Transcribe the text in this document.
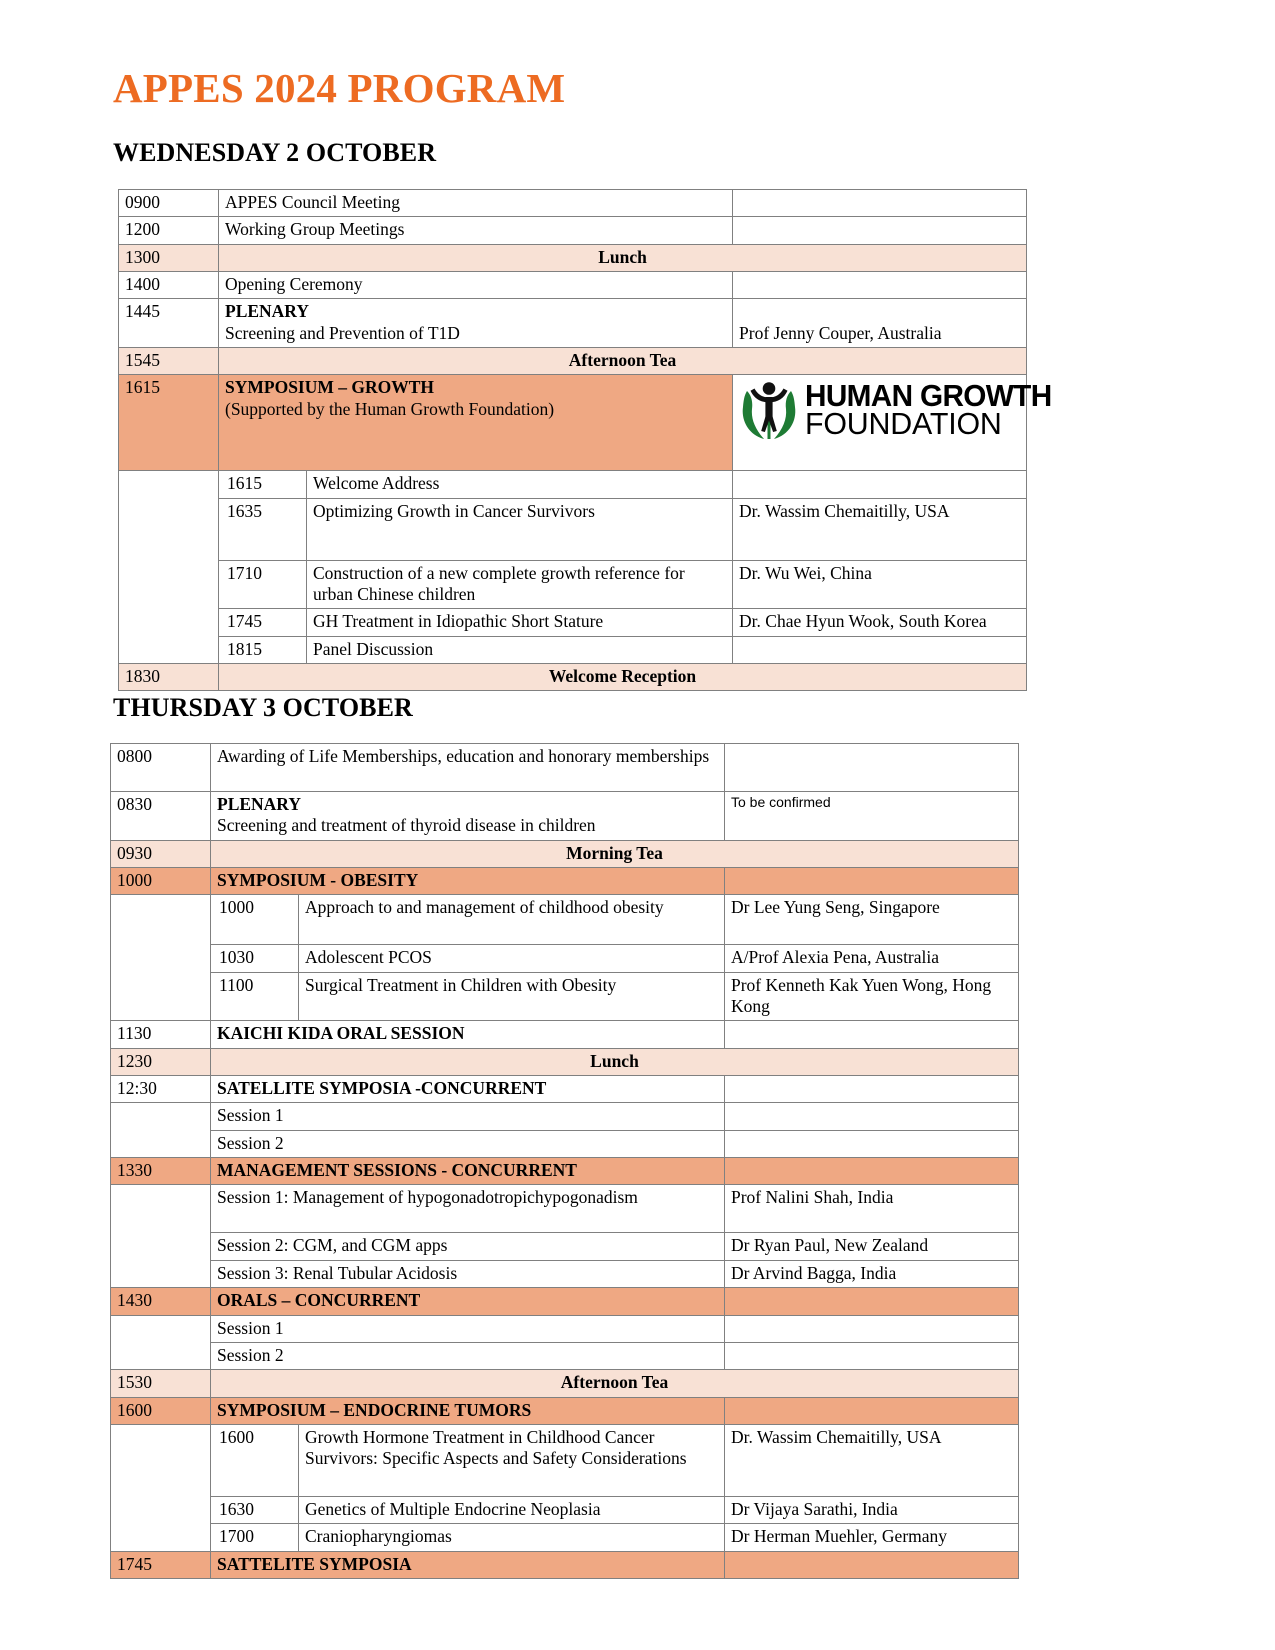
APPES 2024 PROGRAM
WEDNESDAY 2 OCTOBER
0900	APPES Council Meeting		
1200	Working Group Meetings		
1300	Lunch		
1400	Opening Ceremony		
1445	PLENARY
Screening and Prevention of T1D		Prof Jenny Couper, Australia
1545	Afternoon Tea		
1615	SYMPOSIUM – GROWTH
(Supported by the Human Growth Foundation)	HUMAN GROWTH
FOUNDATION

	1615	Welcome Address	
	1635	Optimizing Growth in Cancer Survivors	Dr. Wassim Chemaitilly, USA
	1710	Construction of a new complete growth reference for urban Chinese children	Dr. Wu Wei, China
	1745	GH Treatment in Idiopathic Short Stature	Dr. Chae Hyun Wook, South Korea
	1815	Panel Discussion	
1830	Welcome Reception		
THURSDAY 3 OCTOBER
0800	Awarding of Life Memberships, education and honorary memberships		
0830	PLENARY
Screening and treatment of thyroid disease in children		To be confirmed
0930	Morning Tea		
1000	SYMPOSIUM - OBESITY		
	1000	Approach to and management of childhood obesity	Dr Lee Yung Seng, Singapore
	1030	Adolescent PCOS	A/Prof Alexia Pena, Australia
	1100	Surgical Treatment in Children with Obesity	Prof Kenneth Kak Yuen Wong, Hong Kong
1130	KAICHI KIDA ORAL SESSION		
1230	Lunch		
12:30	SATELLITE SYMPOSIA -CONCURRENT		
	Session 1		
	Session 2		
1330	MANAGEMENT SESSIONS - CONCURRENT		
	Session 1: Management of hypogonadotropichypogonadism		Prof Nalini Shah, India
	Session 2: CGM, and CGM apps		Dr Ryan Paul, New Zealand
	Session 3: Renal Tubular Acidosis		Dr Arvind Bagga, India
1430	ORALS – CONCURRENT		
	Session 1		
	Session 2		
1530	Afternoon Tea		
1600	SYMPOSIUM – ENDOCRINE TUMORS		
	1600	Growth Hormone Treatment in Childhood Cancer Survivors: Specific Aspects and Safety Considerations	Dr. Wassim Chemaitilly, USA
	1630	Genetics of Multiple Endocrine Neoplasia	Dr Vijaya Sarathi, India
	1700	Craniopharyngiomas	Dr Herman Muehler, Germany
1745	SATTELITE SYMPOSIA		
